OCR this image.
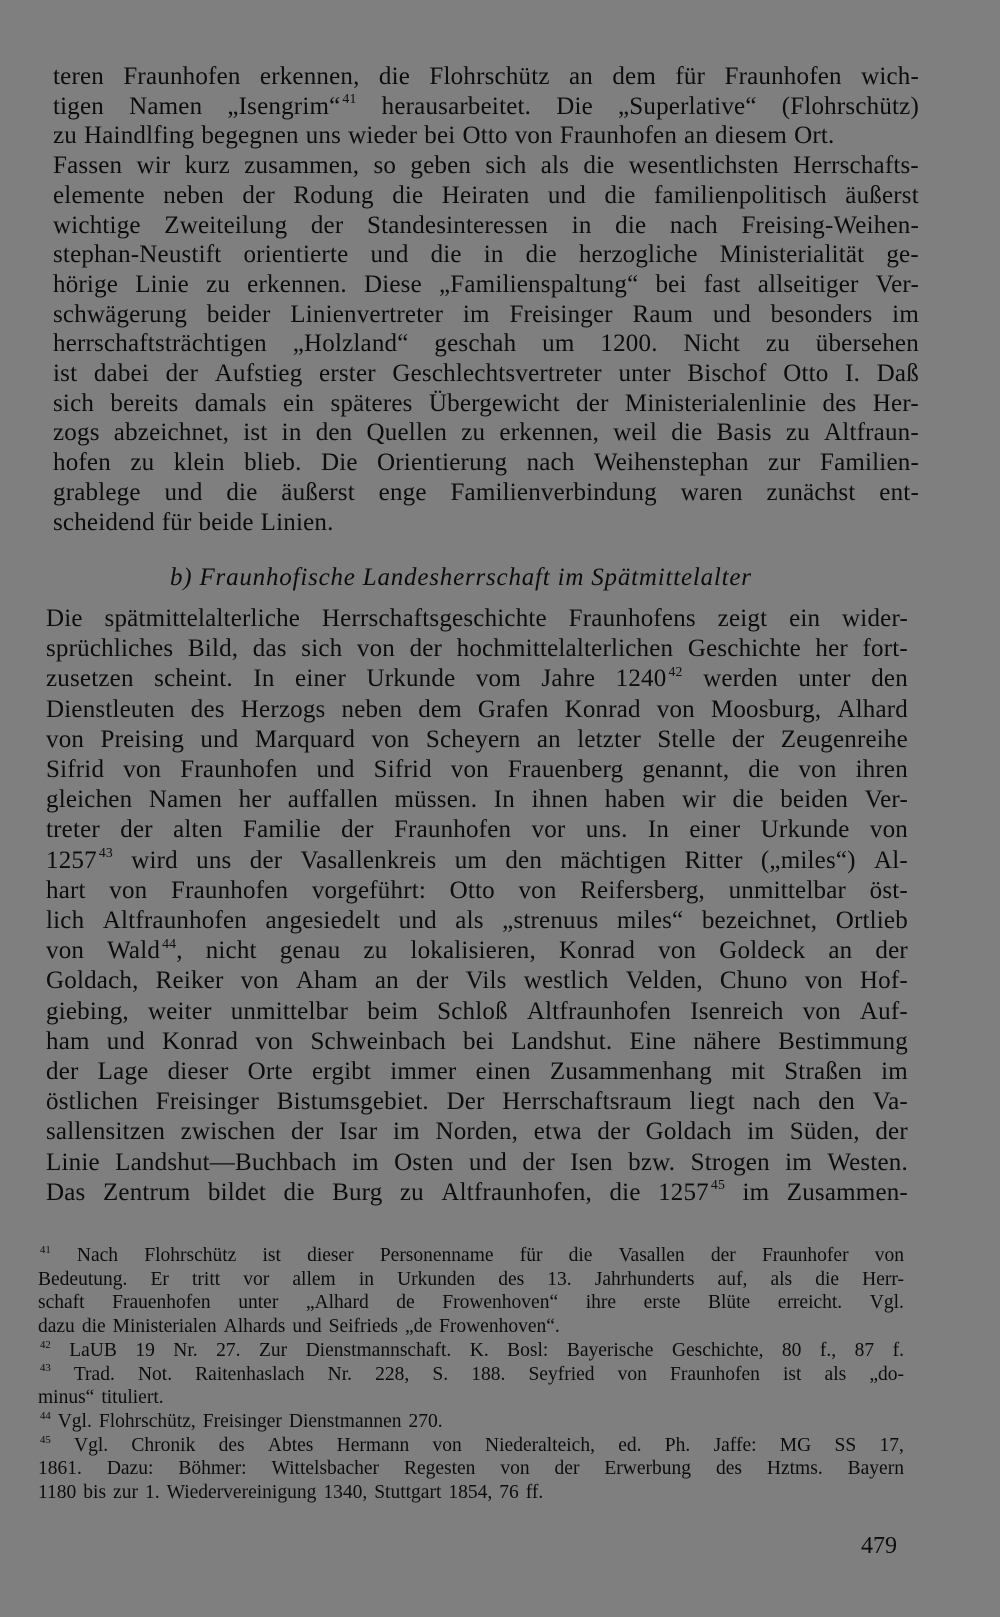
teren Fraunhofen erkennen, die Flohrschütz an dem für Fraunhofen wich-
tigen Namen „Isengrim“ $^{41}$ herausarbeitet. Die „Superlative“ (Flohrschütz)
zu Haindlfing begegnen uns wieder bei Otto von Fraunhofen an diesem Ort.
Fassen wir kurz zusammen, so geben sich als die wesentlichsten Herrschafts-
elemente neben der Rodung die Heiraten und die familienpolitisch äußerst
wichtige Zweiteilung der Standesinteressen in die nach Freising-Weihen-
stephan-Neustift orientierte und die in die herzogliche Ministerialität ge-
hörige Linie zu erkennen. Diese „Familienspaltung“ bei fast allseitiger Ver-
schwägerung beider Linienvertreter im Freisinger Raum und besonders im
herrschaftsträchtigen „Holzland“ geschah um 1200. Nicht zu übersehen
ist dabei der Aufstieg erster Geschlechtsvertreter unter Bischof Otto I. Daß
sich bereits damals ein späteres Übergewicht der Ministerialenlinie des Her-
zogs abzeichnet, ist in den Quellen zu erkennen, weil die Basis zu Altfraun-
hofen zu klein blieb. Die Orientierung nach Weihenstephan zur Familien-
grablege und die äußerst enge Familienverbindung waren zunächst ent-
scheidend für beide Linien.
b) Fraunhofische Landesherrschaft im Spätmittelalter
Die spätmittelalterliche Herrschaftsgeschichte Fraunhofens zeigt ein wider-
sprüchliches Bild, das sich von der hochmittelalterlichen Geschichte her fort-
zusetzen scheint. In einer Urkunde vom Jahre 1240 $^{42}$ werden unter den
Dienstleuten des Herzogs neben dem Grafen Konrad von Moosburg, Alhard
von Preising und Marquard von Scheyern an letzter Stelle der Zeugenreihe
Sifrid von Fraunhofen und Sifrid von Frauenberg genannt, die von ihren
gleichen Namen her auffallen müssen. In ihnen haben wir die beiden Ver-
treter der alten Familie der Fraunhofen vor uns. In einer Urkunde von
1257 $^{43}$ wird uns der Vasallenkreis um den mächtigen Ritter („miles“) Al-
hart von Fraunhofen vorgeführt: Otto von Reifersberg, unmittelbar öst-
lich Altfraunhofen angesiedelt und als „strenuus miles“ bezeichnet, Ortlieb
von Wald $^{44}$, nicht genau zu lokalisieren, Konrad von Goldeck an der
Goldach, Reiker von Aham an der Vils westlich Velden, Chuno von Hof-
giebing, weiter unmittelbar beim Schloß Altfraunhofen Isenreich von Auf-
ham und Konrad von Schweinbach bei Landshut. Eine nähere Bestimmung
der Lage dieser Orte ergibt immer einen Zusammenhang mit Straßen im
östlichen Freisinger Bistumsgebiet. Der Herrschaftsraum liegt nach den Va-
sallensitzen zwischen der Isar im Norden, etwa der Goldach im Süden, der
Linie Landshut—Buchbach im Osten und der Isen bzw. Strogen im Westen.
Das Zentrum bildet die Burg zu Altfraunhofen, die 1257 $^{45}$ im Zusammen-
$^{41}$ Nach Flohrschütz ist dieser Personenname für die Vasallen der Fraunhofer von
Bedeutung. Er tritt vor allem in Urkunden des 13. Jahrhunderts auf, als die Herr-
schaft Frauenhofen unter „Alhard de Frowenhoven“ ihre erste Blüte erreicht. Vgl.
dazu die Ministerialen Alhards und Seifrieds „de Frowenhoven“.
$^{42}$ LaUB 19 Nr. 27. Zur Dienstmannschaft. K. Bosl: Bayerische Geschichte, 80 f., 87 f.
$^{43}$ Trad. Not. Raitenhaslach Nr. 228, S. 188. Seyfried von Fraunhofen ist als „do-
minus“ tituliert.
$^{44}$ Vgl. Flohrschütz, Freisinger Dienstmannen 270.
$^{45}$ Vgl. Chronik des Abtes Hermann von Niederalteich, ed. Ph. Jaffe: MG SS 17,
1861. Dazu: Böhmer: Wittelsbacher Regesten von der Erwerbung des Hztms. Bayern
1180 bis zur 1. Wiedervereinigung 1340, Stuttgart 1854, 76 ff.
479
